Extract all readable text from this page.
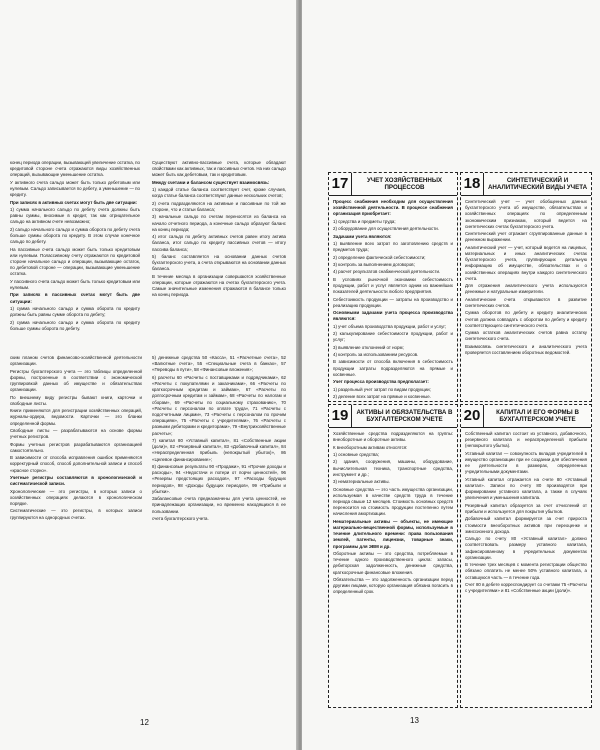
конец периода операции, вызывающей увеличение остатка, по кредитовой стороне счета отражаются виды хозяйственных операций, вызывающие уменьшение остатка.

У активного счета сальдо может быть только дебетовым или нулевым. Сальдо записывается по дебету, а уменьшение — по кредиту.

При записях в активных счетах могут быть две ситуации:

1) сумма начального сальдо по дебету счета должны быть равны суммы, вносимые в кредит, так как отрицательное сальдо на активном счете невозможно;

2) сальдо начального сальдо и сумма оборота по дебету счета больше суммы оборота по кредиту. В этом случае конечное сальдо по дебету.

На пассивные счета сальдо может быть только кредитовым или нулевым. Полассивному счету отражаются по кредитовой стороне начальное сальдо и операции, вызывающие остаток, по дебетовой стороне — операции, вызывающие уменьшение остатка.

У пассивного счета сальдо может быть только кредитовым или нулевым.

При записях в пассивных счетах могут быть две ситуации:

1) сумма начального сальдо и сумма оборота по кредиту должны быть равны сумме оборота по дебету;

2) сумма начального сальдо и сумма оборота по кредиту больше суммы оборота по дебету.

Существуют активно-пассивные счета, которые обладают свойствами как активных, так и пассивных счетов. На них сальдо может быть как дебетовым, так и кредитовым.

Между счетами и балансом существует взаимосвязь:

1) каждой статье баланса соответствует счет, кроме случаев, когда статье баланса соответствуют данные нескольких счетов;

2) счета подразделяются на активные и пассивные по той же стороне, что и статьи баланса;

3) начальные сальдо по счетам переносятся из баланса на начало отчетного периода, а конечные сальдо образуют баланс на конец периода;

4) итог сальдо по дебету активных счетов равен итогу актива баланса, итог сальдо по кредиту пассивных счетов — итогу пассива баланса;

5) баланс составляется на основании данных счетов бухгалтерского учета, а счета открываются на основании данных баланса.

В течение месяца в организации совершаются хозяйственные операции, которые отражаются на счетах бухгалтерского учета. Самые значительные изменения отражаются в балансе только на конец периода.

ским планом счетов финансово-хозяйственной деятельности организации.

Регистры бухгалтерского учета — это таблицы определенной формы, построенные в соответствии с экономической группировкой данных об имуществе и обязательствах организации.

По внешнему виду регистры бывают книги, карточки и свободные листы.

Книги применяются для регистрации хозяйственных операций, журналы-ордера, ведомости. Карточки — это бланки определенной формы.

Свободные листы — разрабатываются на основе формы учетных регистров.

Формы учетных регистров разрабатываются организацией самостоятельно.

В зависимости от способа исправления ошибок применяются корректурный способ, способ дополнительной записи и способ «красное сторно».

Учетные регистры составляются в хронологической и систематической записи.

Хронологические — это регистры, в которых записи о хозяйственных операциях делаются в хронологическом порядке.

Систематические — это регистры, в которых записи группируются на однородных счетах.

5) денежные средства 50 «Касса», 51 «Расчетные счета», 52 «Валютные счета», 55 «Специальные счета в банках», 57 «Переводы в пути», 58 «Финансовые вложения»;

6) расчеты 60 «Расчеты с поставщиками и подрядчиками», 62 «Расчеты с покупателями и заказчиками», 66 «Расчеты по краткосрочным кредитам и займам», 67 «Расчеты по долгосрочным кредитам и займам», 68 «Расчеты по налогам и сборам», 69 «Расчеты по социальному страхованию», 70 «Расчеты с персоналом по оплате труда», 71 «Расчеты с подотчетными лицами», 73 «Расчеты с персоналом по прочим операциям», 75 «Расчеты с учредителями», 76 «Расчеты с разными дебиторами и кредиторами», 79 «Внутрихозяйственные расчеты»;

7) капитал 80 «Уставный капитал», 81 «Собственные акции (доли)», 82 «Резервный капитал», 83 «Добавочный капитал», 84 «Нераспределенная прибыль (непокрытый убыток)», 86 «Целевое финансирование»;

8) финансовые результаты 90 «Продажи», 91 «Прочие доходы и расходы», 94 «Недостачи и потери от порчи ценностей», 96 «Резервы предстоящих расходов», 97 «Расходы будущих периодов», 98 «Доходы будущих периодов», 99 «Прибыли и убытки».

Забалансовые счета предназначены для учета ценностей, не принадлежащих организации, но временно находящихся в ее пользовании.

счета бухгалтерского учета.

12
17	УЧЕТ ХОЗЯЙСТВЕННЫХ ПРОЦЕССОВ

Процесс снабжения необходим для осуществления хозяйственной деятельности. В процессе снабжения организация приобретает:

1) средства и предметы труда;

2) оборудование для осуществления деятельности.

Задачами учета являются:

1) выявление всех затрат по заготовлению средств и предметов труда;

2) определение фактической себестоимости;

3) контроль за выполнением договоров;

4) расчет результатов снабженческой деятельности.

В условиях рыночной экономики себестоимость продукции, работ и услуг является одним из важнейших показателей деятельности любого предприятия.

Себестоимость продукции — затраты на производство и реализацию продукции.

Основными задачами учета процесса производства являются:

1) учет объема производства продукции, работ и услуг;

2) калькулирование себестоимости продукции, работ и услуг;

3) выявление отклонений от норм;

4) контроль за использованием ресурсов.

В зависимости от способа включения в себестоимость продукции затраты подразделяются на прямые и косвенные.

Учет процесса производства предполагает:

1) раздельный учет затрат по видам продукции;

2) деление всех затрат на прямые и косвенные.

18	СИНТЕТИЧЕСКИЙ И АНАЛИТИЧЕСКИЙ ВИДЫ УЧЕТА

Синтетический учет — учет обобщенных данных бухгалтерского учета об имуществе, обязательствах и хозяйственных операциях по определенным экономическим признакам, который ведется на синтетических счетах бухгалтерского учета.

Синтетический учет отражает сгруппированные данные в денежном выражении.

Аналитический учет — учет, который ведется на лицевых, материальных и иных аналитических счетах бухгалтерского учета, группирующих детальную информацию об имуществе, обязательствах и о хозяйственных операциях внутри каждого синтетического счета.

Для отражения аналитического учета используются денежные и натуральные измерители.

Аналитические счета открываются в развитие синтетических счетов.

Сумма оборотов по дебету и кредиту аналитических счетов должна совпадать с оборотом по дебету и кредиту соответствующего синтетического счета.

Сумма остатков аналитических счетов равна остатку синтетического счета.

Взаимосвязь синтетического и аналитического учета проверяется составлением оборотных ведомостей.

19	АКТИВЫ И ОБЯЗАТЕЛЬСТВА В БУХГАЛТЕРСКОМ УЧЕТЕ

Хозяйственные средства подразделяются на группы: внеоборотные и оборотные активы.

К внеоборотным активам относятся:

1) основные средства;

2) здания, сооружения, машины, оборудование, вычислительная техника, транспортные средства, инструмент и др.;

3) нематериальные активы.

Основные средства — это часть имущества организации, используемая в качестве средств труда в течение периода свыше 12 месяцев. Стоимость основных средств переносится на стоимость продукции постепенно путем начисления амортизации.

Нематериальные активы — объекты, не имеющие материально-вещественной формы, используемые в течение длительного времени: права пользования землей, патенты, лицензии, товарные знаки, программы для ЭВМ и др.

Оборотные активы — это средства, потребляемые в течение одного производственного цикла: запасы, дебиторская задолженность, денежные средства, краткосрочные финансовые вложения.

Обязательства — это задолженность организации перед другими лицами, которую организация обязана погасить в определенный срок.

20	КАПИТАЛ И ЕГО ФОРМЫ В БУХГАЛТЕРСКОМ УЧЕТЕ

Собственный капитал состоит из уставного, добавочного, резервного капитала и нераспределенной прибыли (непокрытого убытка).

Уставный капитал — совокупность вкладов учредителей в имущество организации при ее создании для обеспечения ее деятельности в размерах, определенных учредительными документами.

Уставный капитал отражается на счете 80 «Уставный капитал». Записи по счету 80 производятся при формировании уставного капитала, а также в случаях увеличения и уменьшения капитала.

Резервный капитал образуется за счет отчислений от прибыли и используется для покрытия убытков.

Добавочный капитал формируется за счет прироста стоимости внеоборотных активов при переоценке и эмиссионного дохода.

Сальдо по счету 80 «Уставный капитал» должно соответствовать размеру уставного капитала, зафиксированному в учредительных документах организации.

В течение трех месяцев с момента регистрации общество обязано оплатить не менее 50% уставного капитала, а оставшуюся часть — в течение года.

Счет 80 в дебете корреспондирует со счетами 75 «Расчеты с учредителями» и 81 «Собственные акции (доли)».

13
